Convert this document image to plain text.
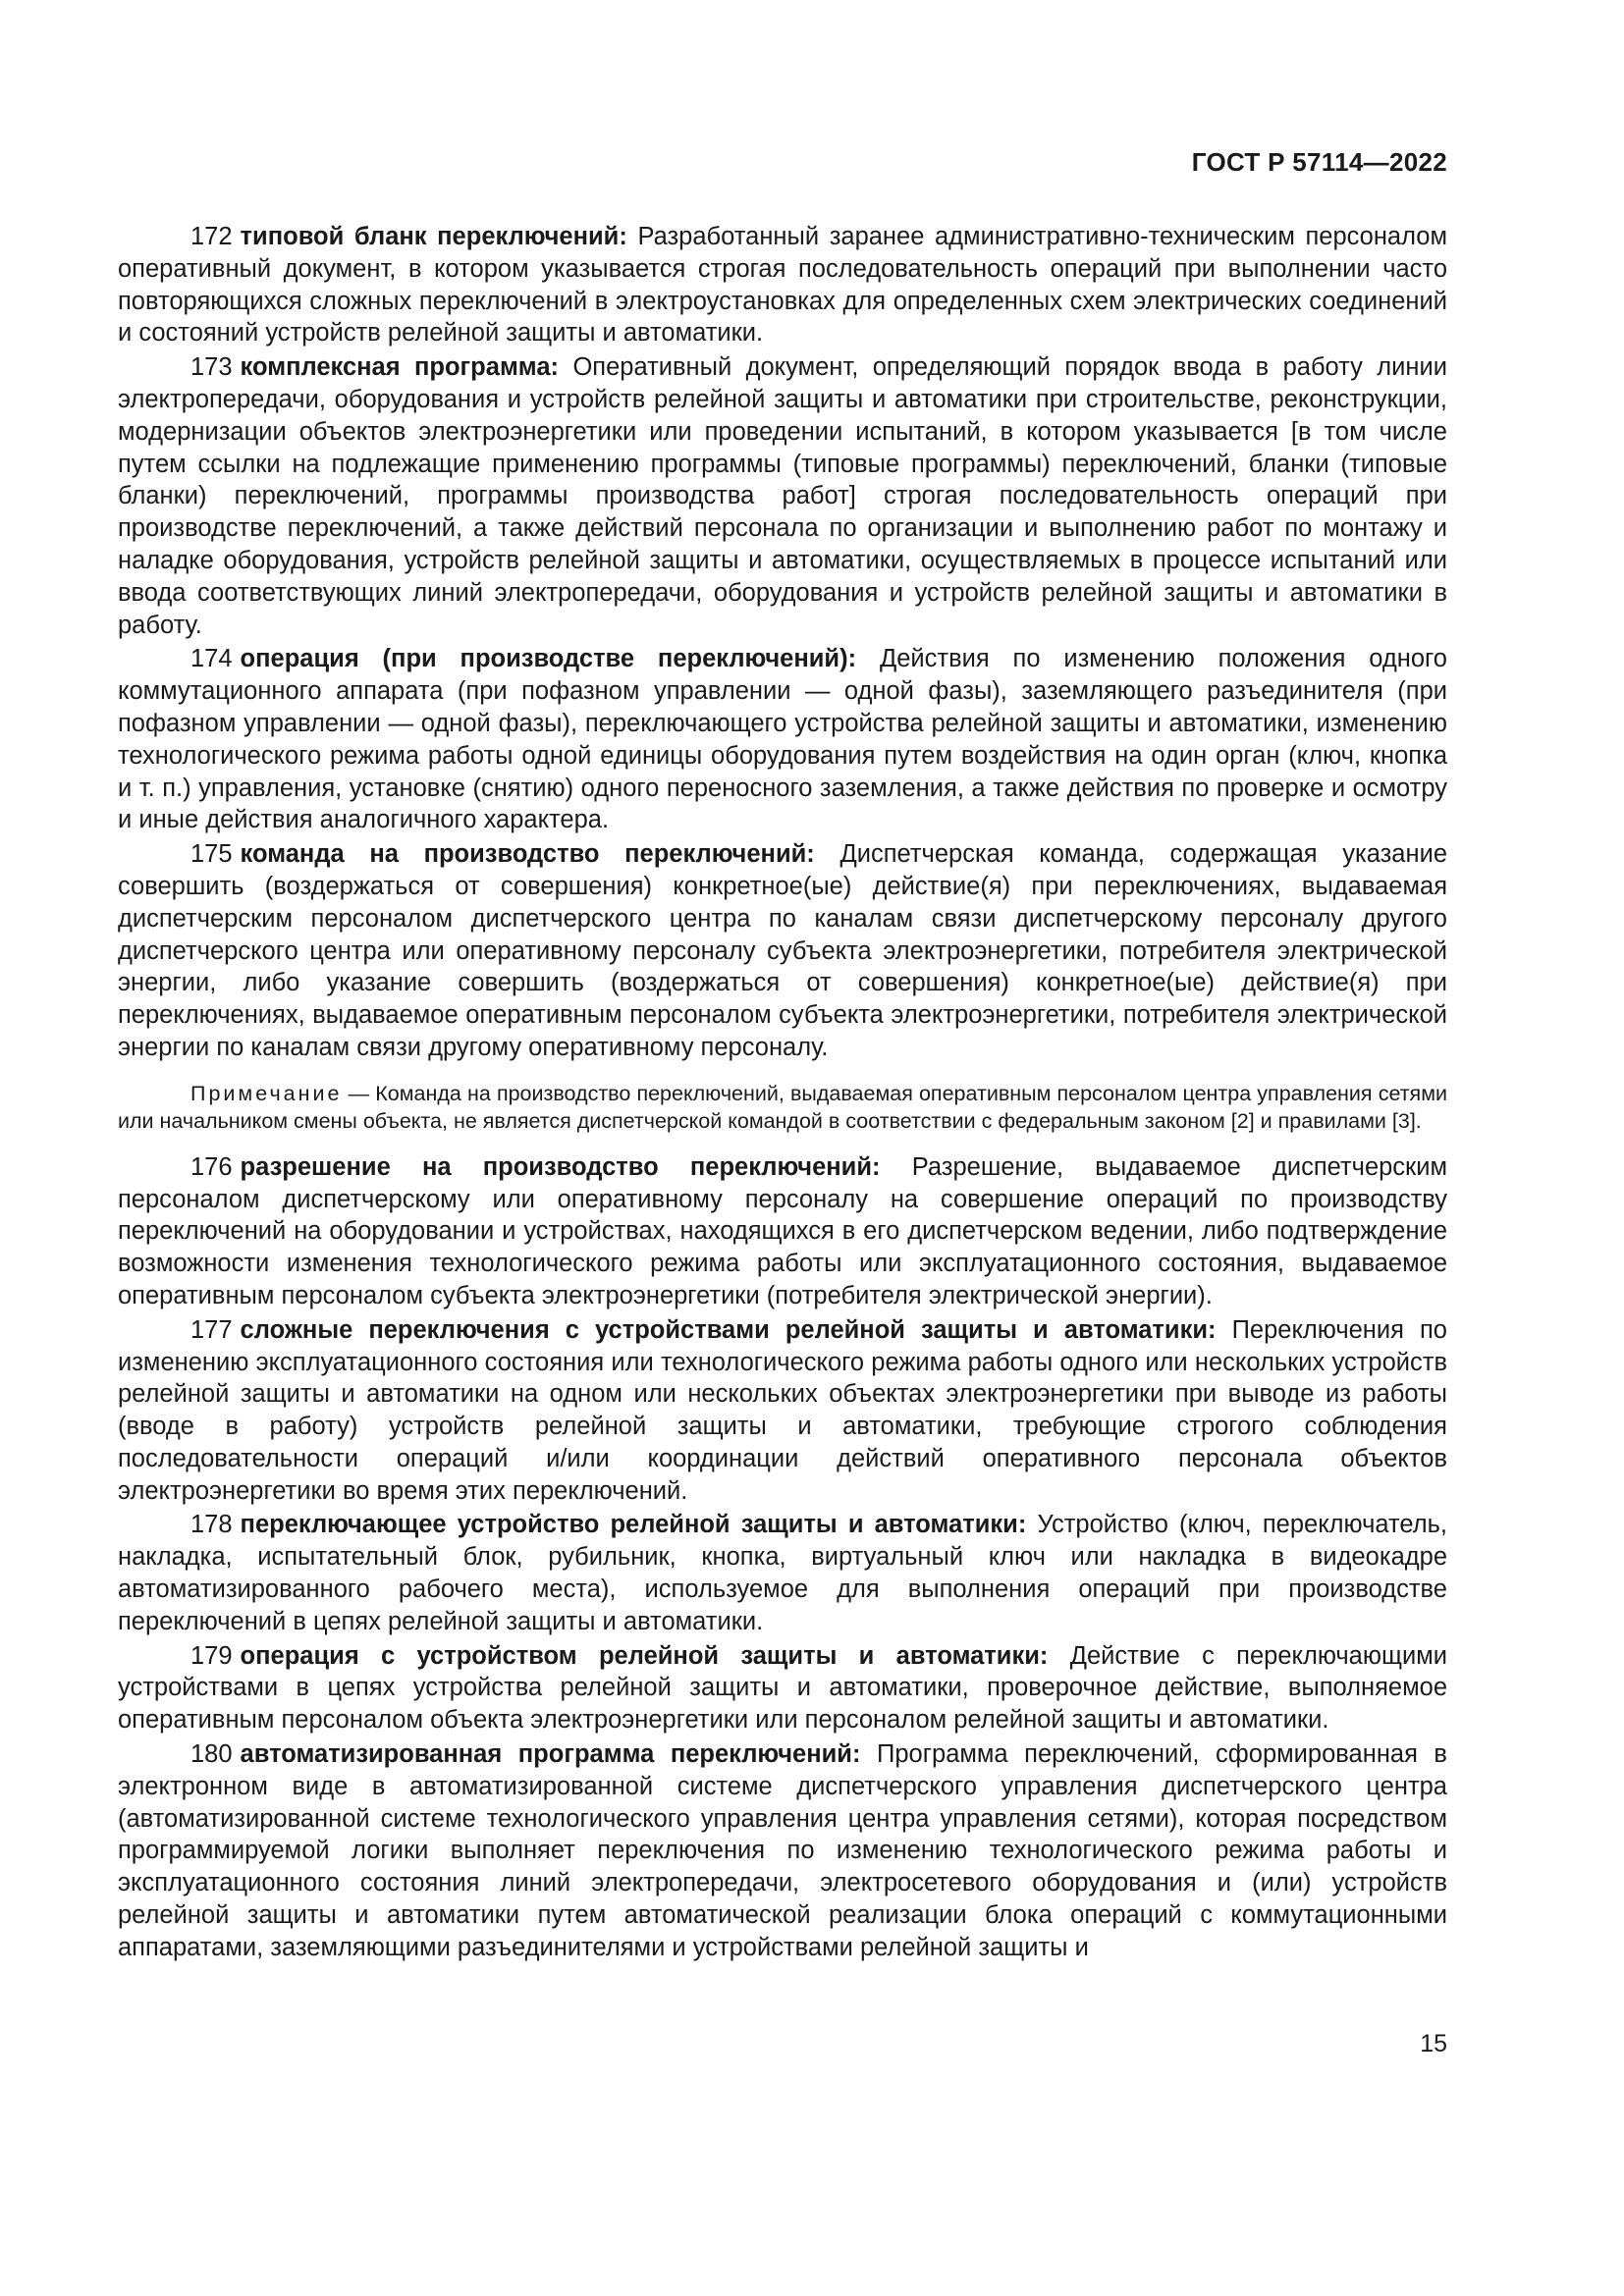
ГОСТ Р 57114—2022

172 типовой бланк переключений: Разработанный заранее административно-техническим персоналом оперативный документ, в котором указывается строгая последовательность операций при выполнении часто повторяющихся сложных переключений в электроустановках для определенных схем электрических соединений и состояний устройств релейной защиты и автоматики.

173 комплексная программа: Оперативный документ, определяющий порядок ввода в работу линии электропередачи, оборудования и устройств релейной защиты и автоматики при строительстве, реконструкции, модернизации объектов электроэнергетики или проведении испытаний, в котором указывается [в том числе путем ссылки на подлежащие применению программы (типовые программы) переключений, бланки (типовые бланки) переключений, программы производства работ] строгая последовательность операций при производстве переключений, а также действий персонала по организации и выполнению работ по монтажу и наладке оборудования, устройств релейной защиты и автоматики, осуществляемых в процессе испытаний или ввода соответствующих линий электропередачи, оборудования и устройств релейной защиты и автоматики в работу.

174 операция (при производстве переключений): Действия по изменению положения одного коммутационного аппарата (при пофазном управлении — одной фазы), заземляющего разъединителя (при пофазном управлении — одной фазы), переключающего устройства релейной защиты и автоматики, изменению технологического режима работы одной единицы оборудования путем воздействия на один орган (ключ, кнопка и т. п.) управления, установке (снятию) одного переносного заземления, а также действия по проверке и осмотру и иные действия аналогичного характера.

175 команда на производство переключений: Диспетчерская команда, содержащая указание совершить (воздержаться от совершения) конкретное(ые) действие(я) при переключениях, выдаваемая диспетчерским персоналом диспетчерского центра по каналам связи диспетчерскому персоналу другого диспетчерского центра или оперативному персоналу субъекта электроэнергетики, потребителя электрической энергии, либо указание совершить (воздержаться от совершения) конкретное(ые) действие(я) при переключениях, выдаваемое оперативным персоналом субъекта электроэнергетики, потребителя электрической энергии по каналам связи другому оперативному персоналу.

Примечание — Команда на производство переключений, выдаваемая оперативным персоналом центра управления сетями или начальником смены объекта, не является диспетчерской командой в соответствии с федеральным законом [2] и правилами [3].

176 разрешение на производство переключений: Разрешение, выдаваемое диспетчерским персоналом диспетчерскому или оперативному персоналу на совершение операций по производству переключений на оборудовании и устройствах, находящихся в его диспетчерском ведении, либо подтверждение возможности изменения технологического режима работы или эксплуатационного состояния, выдаваемое оперативным персоналом субъекта электроэнергетики (потребителя электрической энергии).

177 сложные переключения с устройствами релейной защиты и автоматики: Переключения по изменению эксплуатационного состояния или технологического режима работы одного или нескольких устройств релейной защиты и автоматики на одном или нескольких объектах электроэнергетики при выводе из работы (вводе в работу) устройств релейной защиты и автоматики, требующие строгого соблюдения последовательности операций и/или координации действий оперативного персонала объектов электроэнергетики во время этих переключений.

178 переключающее устройство релейной защиты и автоматики: Устройство (ключ, переключатель, накладка, испытательный блок, рубильник, кнопка, виртуальный ключ или накладка в видеокадре автоматизированного рабочего места), используемое для выполнения операций при производстве переключений в цепях релейной защиты и автоматики.

179 операция с устройством релейной защиты и автоматики: Действие с переключающими устройствами в цепях устройства релейной защиты и автоматики, проверочное действие, выполняемое оперативным персоналом объекта электроэнергетики или персоналом релейной защиты и автоматики.

180 автоматизированная программа переключений: Программа переключений, сформированная в электронном виде в автоматизированной системе диспетчерского управления диспетчерского центра (автоматизированной системе технологического управления центра управления сетями), которая посредством программируемой логики выполняет переключения по изменению технологического режима работы и эксплуатационного состояния линий электропередачи, электросетевого оборудования и (или) устройств релейной защиты и автоматики путем автоматической реализации блока операций с коммутационными аппаратами, заземляющими разъединителями и устройствами релейной защиты и

15
